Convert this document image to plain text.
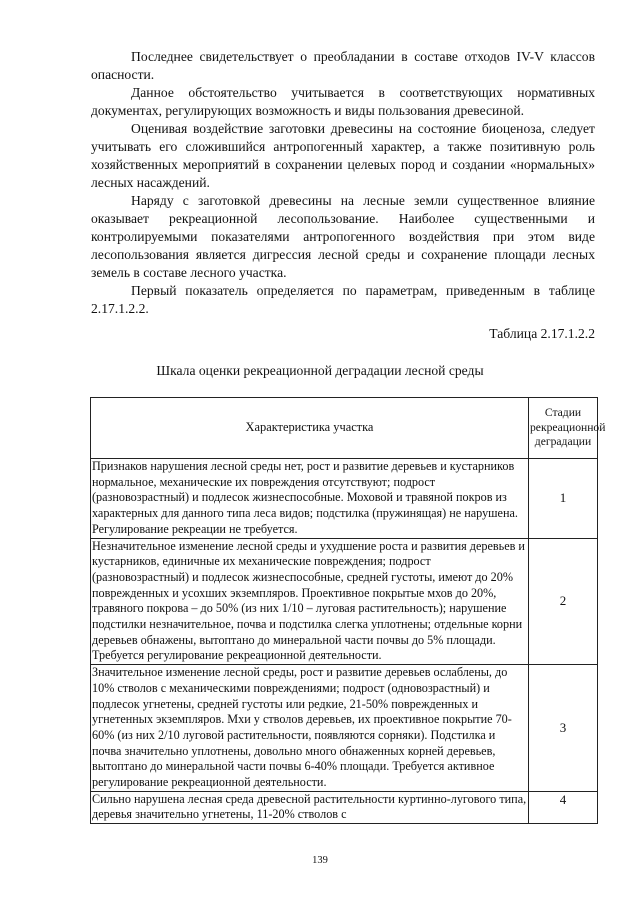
Последнее свидетельствует о преобладании в составе отходов IV-V классов опасности.

Данное обстоятельство учитывается в соответствующих нормативных документах, регулирующих возможность и виды пользования древесиной.

Оценивая воздействие заготовки древесины на состояние биоценоза, следует учитывать его сложившийся антропогенный характер, а также позитивную роль хозяйственных мероприятий в сохранении целевых пород и создании «нормальных» лесных насаждений.

Наряду с заготовкой древесины на лесные земли существенное влияние оказывает рекреационной лесопользование. Наиболее существенными и контролируемыми показателями антропогенного воздействия при этом виде лесопользования является дигрессия лесной среды и сохранение площади лесных земель в составе лесного участка.

Первый показатель определяется по параметрам, приведенным в таблице 2.17.1.2.2.

Таблица 2.17.1.2.2
Шкала оценки рекреационной деградации лесной среды
Характеристика участка	Стадии рекреационной деградации
Признаков нарушения лесной среды нет, рост и развитие деревьев и кустарников нормальное, механические их повреждения отсутствуют; подрост (разновозрастный) и подлесок жизнеспособные. Моховой и травяной покров из характерных для данного типа леса видов; подстилка (пружинящая) не нарушена. Регулирование рекреации не требуется.	1
Незначительное изменение лесной среды и ухудшение роста и развития деревьев и кустарников, единичные их механические повреждения; подрост (разновозрастный) и подлесок жизнеспособные, средней густоты, имеют до 20% поврежденных и усохших экземпляров. Проективное покрытые мхов до 20%, травяного покрова – до 50% (из них 1/10 – луговая растительность); нарушение подстилки незначительное, почва и подстилка слегка уплотнены; отдельные корни деревьев обнажены, вытоптано до минеральной части почвы до 5% площади. Требуется регулирование рекреационной деятельности.	2
Значительное изменение лесной среды, рост и развитие деревьев ослаблены, до 10% стволов с механическими повреждениями; подрост (одновозрастный) и подлесок угнетены, средней густоты или редкие, 21-50% поврежденных и угнетенных экземпляров. Мхи у стволов деревьев, их проективное покрытие 70-60% (из них 2/10 луговой растительности, появляются сорняки). Подстилка и почва значительно уплотнены, довольно много обнаженных корней деревьев, вытоптано до минеральной части почвы 6-40% площади. Требуется активное регулирование рекреационной деятельности.	3
Сильно нарушена лесная среда древесной растительности куртинно-лугового типа, деревья значительно угнетены, 11-20% стволов с	4
139
